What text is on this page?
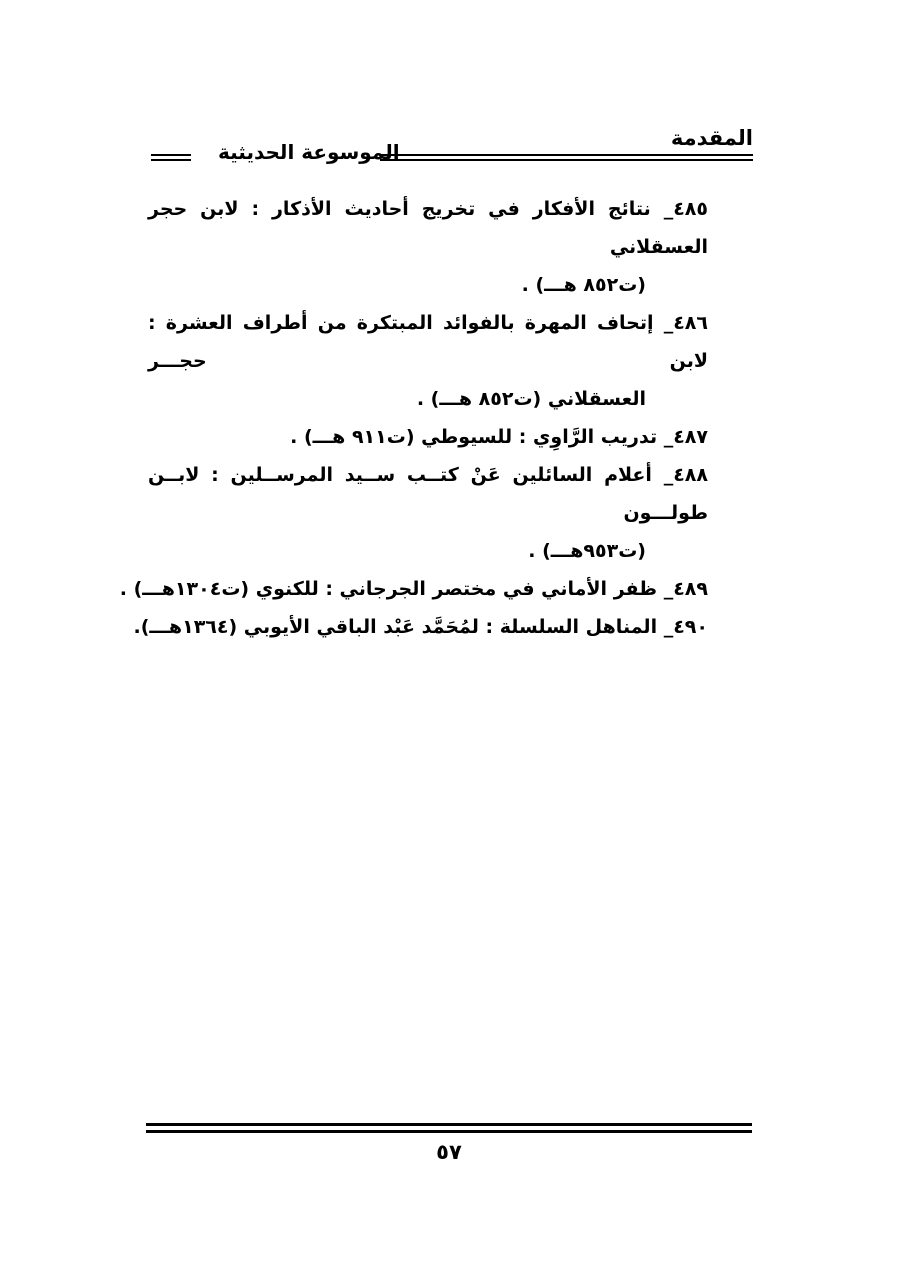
المقدمة
الموسوعة الحديثية
٤٨٥_ نتائج الأفكار في تخريج أحاديث الأذكار : لابن حجر العسقلاني
(ت٨٥٢ هـــ) .
٤٨٦_ إتحاف المهرة بالفوائد المبتكرة من أطراف العشرة : لابن حجـــر
العسقلاني (ت٨٥٢ هـــ) .
٤٨٧_ تدريب الرَّاوِي : للسيوطي (ت٩١١ هـــ) .
٤٨٨_ أعلام السائلين عَنْ كتــب ســيد المرســلين : لابــن طولـــون
(ت٩٥٣هـــ) .
٤٨٩_ ظفر الأماني في مختصر الجرجاني : للكنوي (ت١٣٠٤هـــ) .
٤٩٠_ المناهل السلسلة : لمُحَمَّد عَبْد الباقي الأيوبي (١٣٦٤هـــ).
٥٧
